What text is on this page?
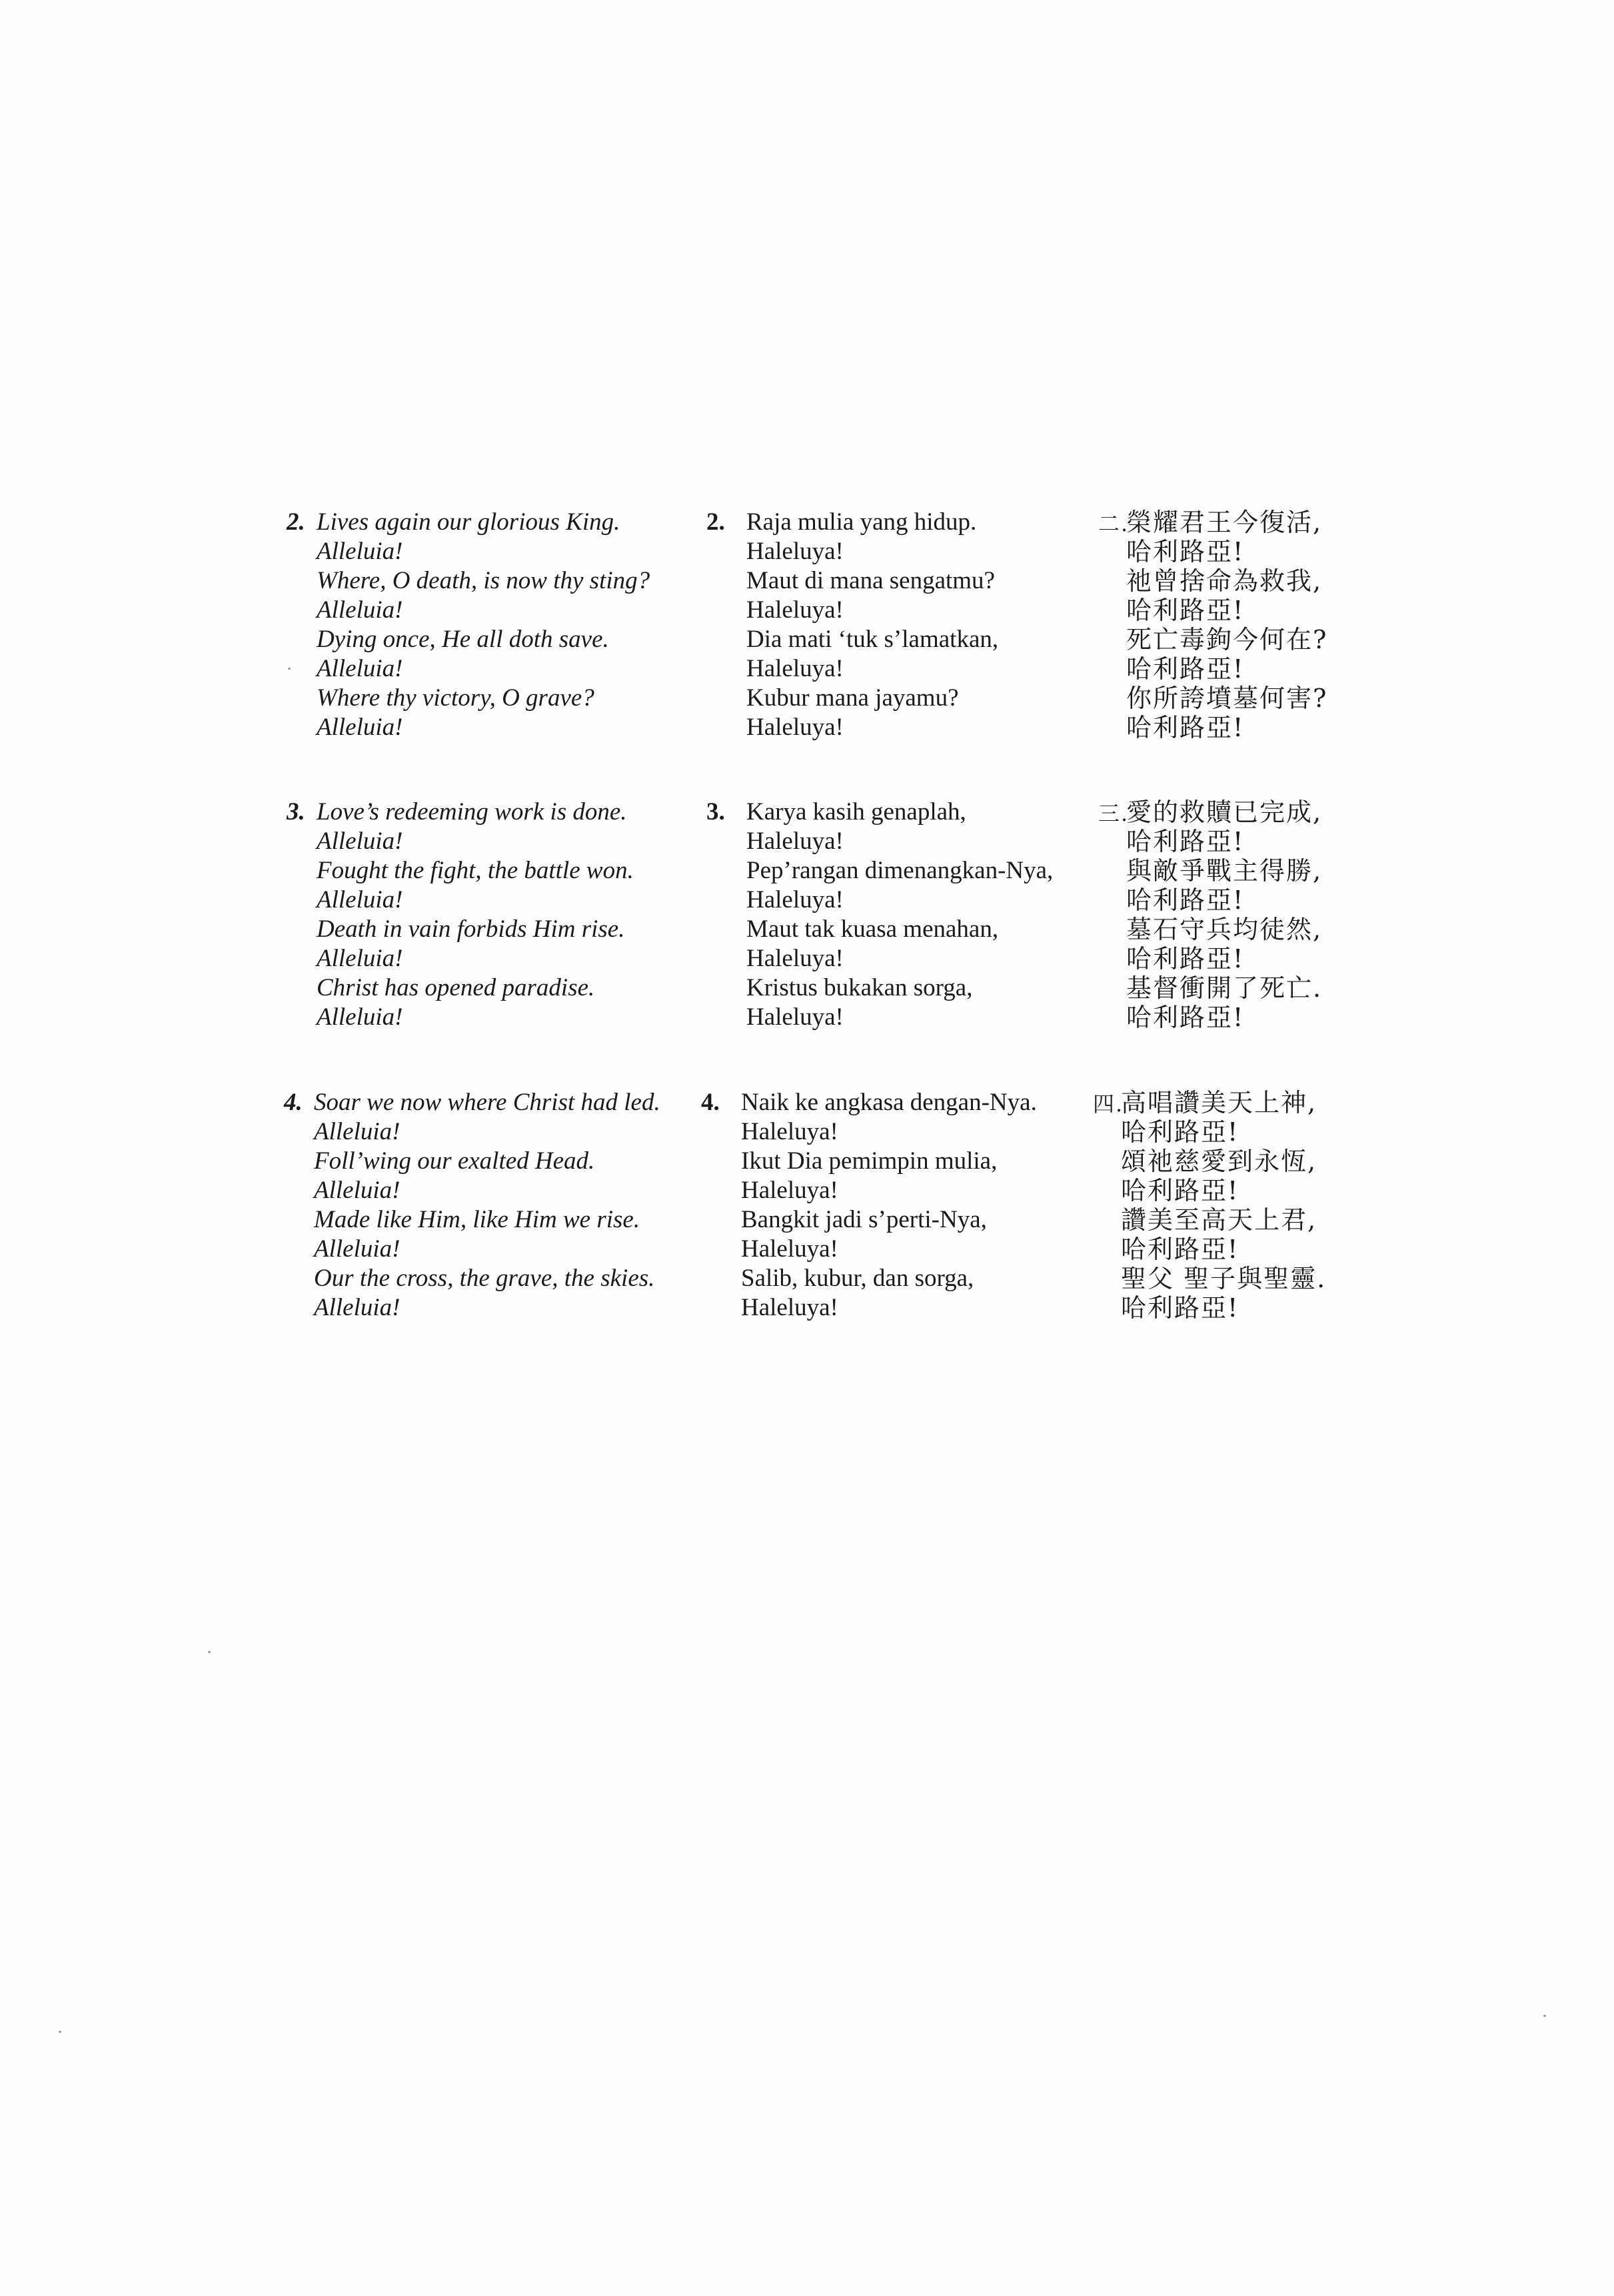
2. Lives again our glorious King.
Alleluia!
Where, O death, is now thy sting?
Alleluia!
Dying once, He all doth save.
Alleluia!
Where thy victory, O grave?
Alleluia!
2. Raja mulia yang hidup.
Haleluya!
Maut di mana sengatmu?
Haleluya!
Dia mati ‘tuk s’lamatkan,
Haleluya!
Kubur mana jayamu?
Haleluya!
二.
榮耀君王今復活,
哈利路亞!
祂曾捨命為救我,
哈利路亞!
死亡毒鉤今何在?
哈利路亞!
你所誇墳墓何害?
哈利路亞!
3. Love’s redeeming work is done.
Alleluia!
Fought the fight, the battle won.
Alleluia!
Death in vain forbids Him rise.
Alleluia!
Christ has opened paradise.
Alleluia!
3. Karya kasih genaplah,
Haleluya!
Pep’rangan dimenangkan-Nya,
Haleluya!
Maut tak kuasa menahan,
Haleluya!
Kristus bukakan sorga,
Haleluya!
三.
愛的救贖已完成,
哈利路亞!
與敵爭戰主得勝,
哈利路亞!
墓石守兵均徒然,
哈利路亞!
基督衝開了死亡.
哈利路亞!
4. Soar we now where Christ had led.
Alleluia!
Foll’wing our exalted Head.
Alleluia!
Made like Him, like Him we rise.
Alleluia!
Our the cross, the grave, the skies.
Alleluia!
4. Naik ke angkasa dengan-Nya.
Haleluya!
Ikut Dia pemimpin mulia,
Haleluya!
Bangkit jadi s’perti-Nya,
Haleluya!
Salib, kubur, dan sorga,
Haleluya!
四.
高唱讚美天上神,
哈利路亞!
頌祂慈愛到永恆,
哈利路亞!
讚美至高天上君,
哈利路亞!
聖父 聖子與聖靈.
哈利路亞!
